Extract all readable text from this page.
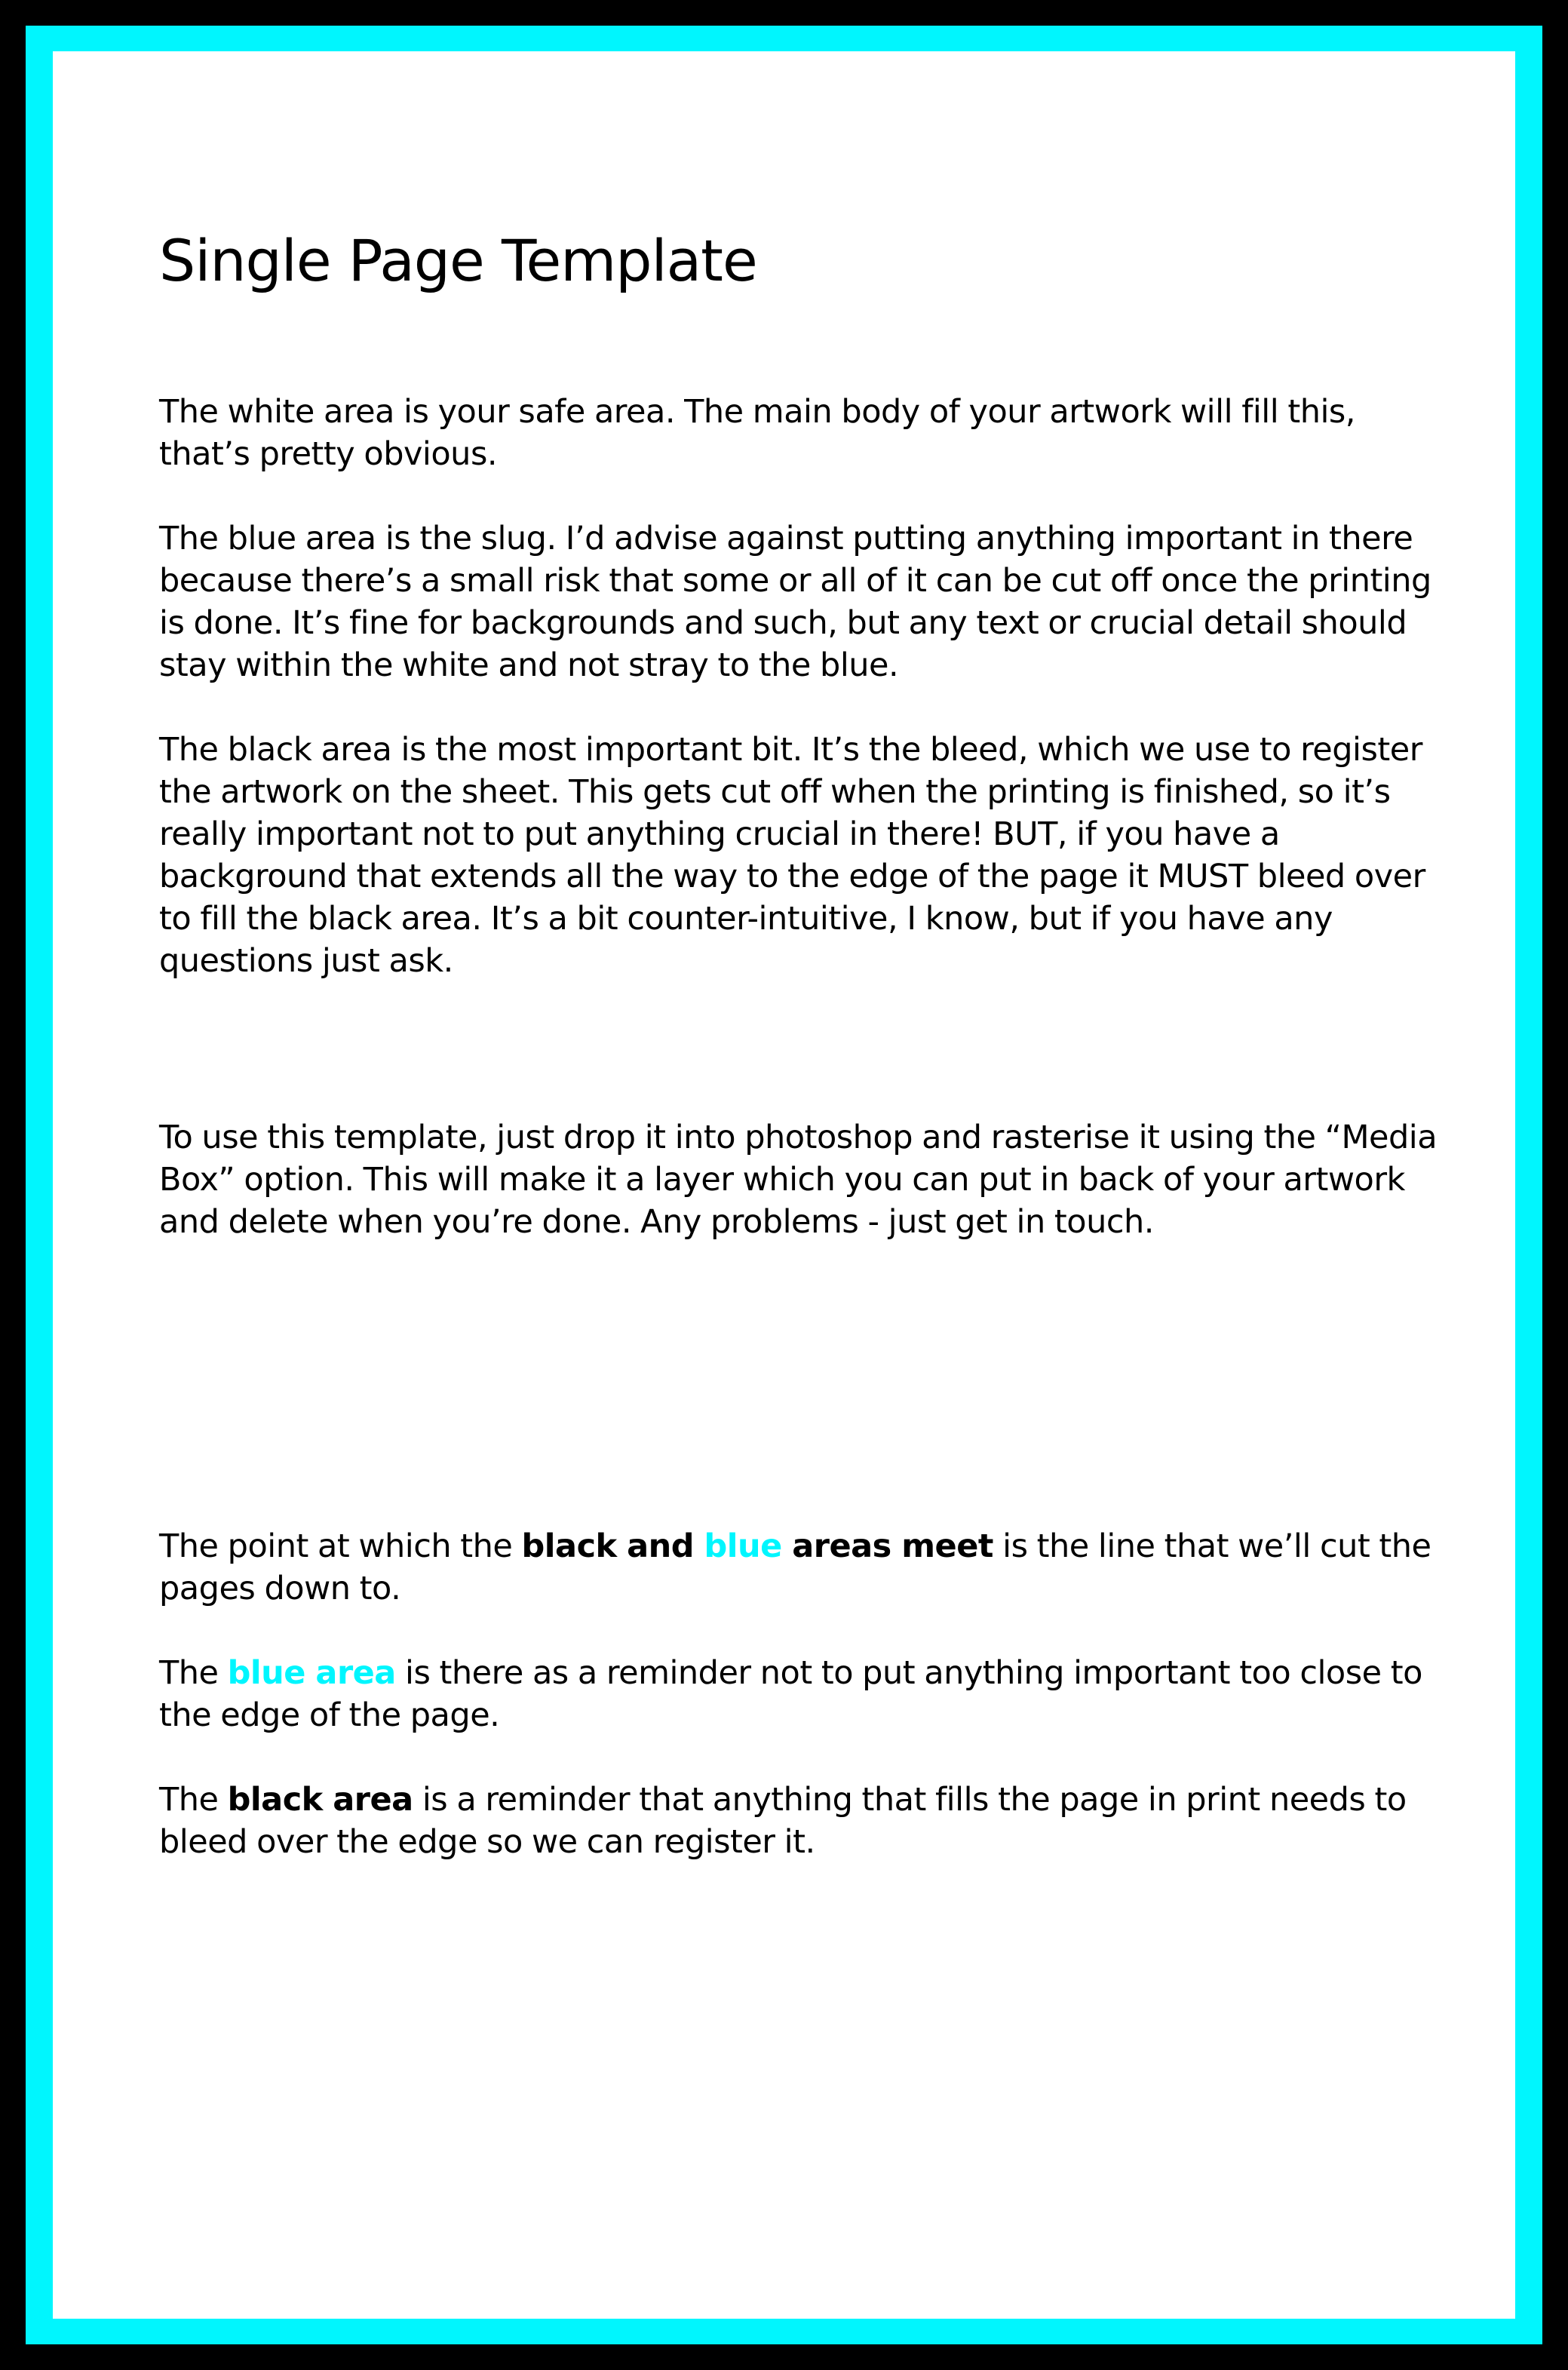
Single Page Template

The white area is your safe area. The main body of your artwork will fill this, that’s pretty obvious.

The blue area is the slug. I’d advise against putting anything important in there because there’s a small risk that some or all of it can be cut off once the printing is done. It’s fine for backgrounds and such, but any text or crucial detail should stay within the white and not stray to the blue.

The black area is the most important bit. It’s the bleed, which we use to register the artwork on the sheet. This gets cut off when the printing is finished, so it’s really important not to put anything crucial in there! BUT, if you have a background that extends all the way to the edge of the page it MUST bleed over to fill the black area. It’s a bit counter-intuitive, I know, but if you have any questions just ask.

To use this template, just drop it into photoshop and rasterise it using the “Media Box” option. This will make it a layer which you can put in back of your artwork and delete when you’re done. Any problems - just get in touch.

The point at which the black and blue areas meet is the line that we’ll cut the pages down to.

The blue area is there as a reminder not to put anything important too close to the edge of the page.

The black area is a reminder that anything that fills the page in print needs to bleed over the edge so we can register it.
